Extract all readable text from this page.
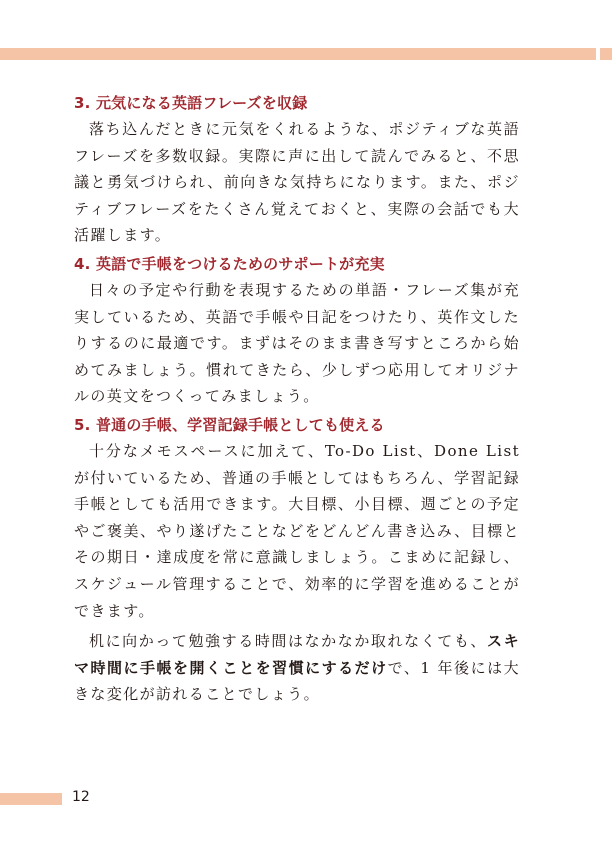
3. 元気になる英語フレーズを収録

落ち込んだときに元気をくれるような、ポジティブな英語フレーズを多数収録。実際に声に出して読んでみると、不思議と勇気づけられ、前向きな気持ちになります。また、ポジティブフレーズをたくさん覚えておくと、実際の会話でも大活躍します。

4. 英語で手帳をつけるためのサポートが充実

日々の予定や行動を表現するための単語・フレーズ集が充実しているため、英語で手帳や日記をつけたり、英作文したりするのに最適です。まずはそのまま書き写すところから始めてみましょう。慣れてきたら、少しずつ応用してオリジナルの英文をつくってみましょう。

5. 普通の手帳、学習記録手帳としても使える

十分なメモスペースに加えて、To-Do List、Done List が付いているため、普通の手帳としてはもちろん、学習記録手帳としても活用できます。大目標、小目標、週ごとの予定やご褒美、やり遂げたことなどをどんどん書き込み、目標とその期日・達成度を常に意識しましょう。こまめに記録し、スケジュール管理することで、効率的に学習を進めることができます。

机に向かって勉強する時間はなかなか取れなくても、スキマ時間に手帳を開くことを習慣にするだけで、1 年後には大きな変化が訪れることでしょう。

12
